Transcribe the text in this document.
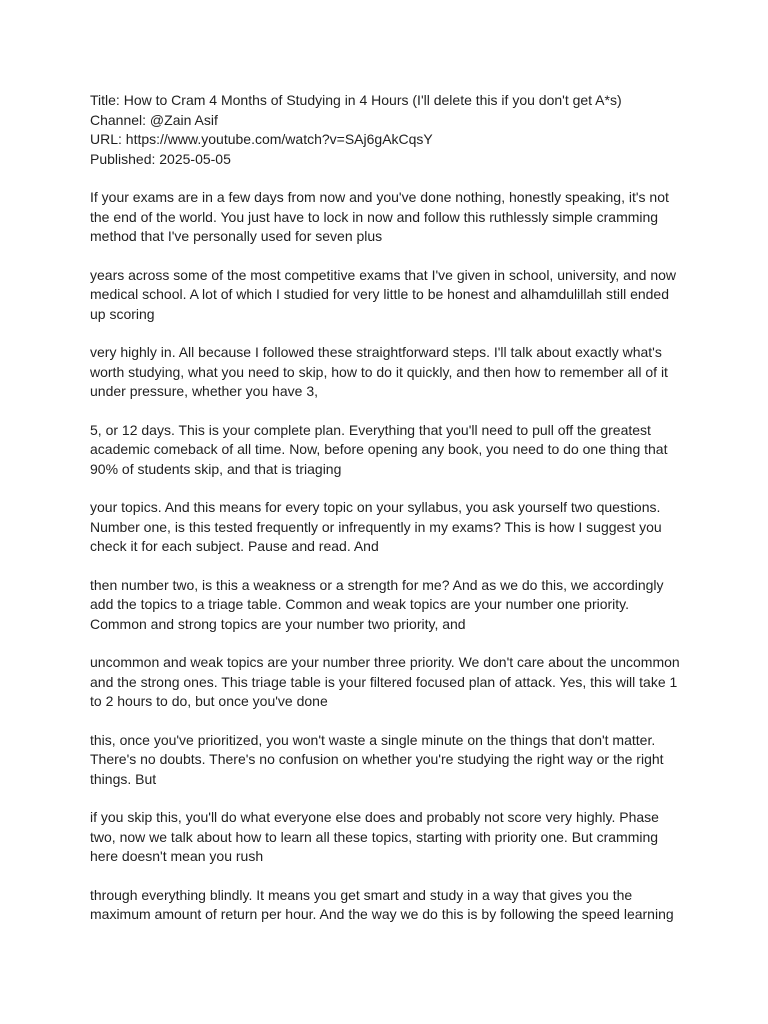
Title: How to Cram 4 Months of Studying in 4 Hours (I'll delete this if you don't get A*s)

Channel: @Zain Asif

URL: https://www.youtube.com/watch?v=SAj6gAkCqsY

Published: 2025-05-05

If your exams are in a few days from now and you've done nothing, honestly speaking, it's not the end of the world. You just have to lock in now and follow this ruthlessly simple cramming method that I've personally used for seven plus

years across some of the most competitive exams that I've given in school, university, and now medical school. A lot of which I studied for very little to be honest and alhamdulillah still ended up scoring

very highly in. All because I followed these straightforward steps. I'll talk about exactly what's worth studying, what you need to skip, how to do it quickly, and then how to remember all of it under pressure, whether you have 3,

5, or 12 days. This is your complete plan. Everything that you'll need to pull off the greatest academic comeback of all time. Now, before opening any book, you need to do one thing that 90% of students skip, and that is triaging

your topics. And this means for every topic on your syllabus, you ask yourself two questions. Number one, is this tested frequently or infrequently in my exams? This is how I suggest you check it for each subject. Pause and read. And

then number two, is this a weakness or a strength for me? And as we do this, we accordingly add the topics to a triage table. Common and weak topics are your number one priority. Common and strong topics are your number two priority, and

uncommon and weak topics are your number three priority. We don't care about the uncommon and the strong ones. This triage table is your filtered focused plan of attack. Yes, this will take 1 to 2 hours to do, but once you've done

this, once you've prioritized, you won't waste a single minute on the things that don't matter. There's no doubts. There's no confusion on whether you're studying the right way or the right things. But

if you skip this, you'll do what everyone else does and probably not score very highly. Phase two, now we talk about how to learn all these topics, starting with priority one. But cramming here doesn't mean you rush

through everything blindly. It means you get smart and study in a way that gives you the maximum amount of return per hour. And the way we do this is by following the speed learning
